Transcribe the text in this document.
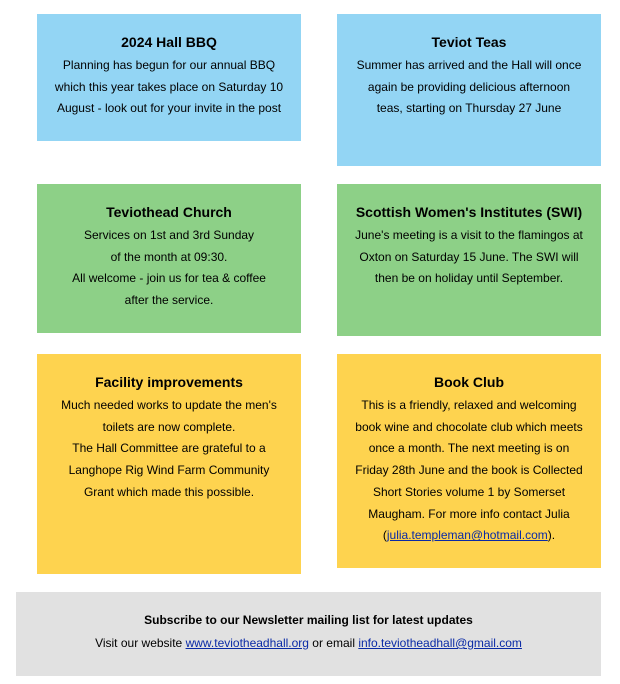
2024 Hall BBQ
Planning has begun for our annual BBQ
which this year takes place on Saturday 10
August - look out for your invite in the post
Teviot Teas
Summer has arrived and the Hall will once
again be providing delicious afternoon
teas, starting on Thursday 27 June
Teviothead Church
Services on 1st and 3rd Sunday
of the month at 09:30.
All welcome - join us for tea & coffee
after the service.
Scottish Women's Institutes (SWI)
June's meeting is a visit to the flamingos at
Oxton on Saturday 15 June. The SWI will
then be on holiday until September.
Facility improvements
Much needed works to update the men's
toilets are now complete.
The Hall Committee are grateful to a
Langhope Rig Wind Farm Community
Grant which made this possible.
Book Club
This is a friendly, relaxed and welcoming
book wine and chocolate club which meets
once a month. The next meeting is on
Friday 28th June and the book is Collected
Short Stories volume 1 by Somerset
Maugham. For more info contact Julia
(julia.templeman@hotmail.com).
Subscribe to our Newsletter mailing list for latest updates
Visit our website www.teviotheadhall.org or email info.teviotheadhall@gmail.com
